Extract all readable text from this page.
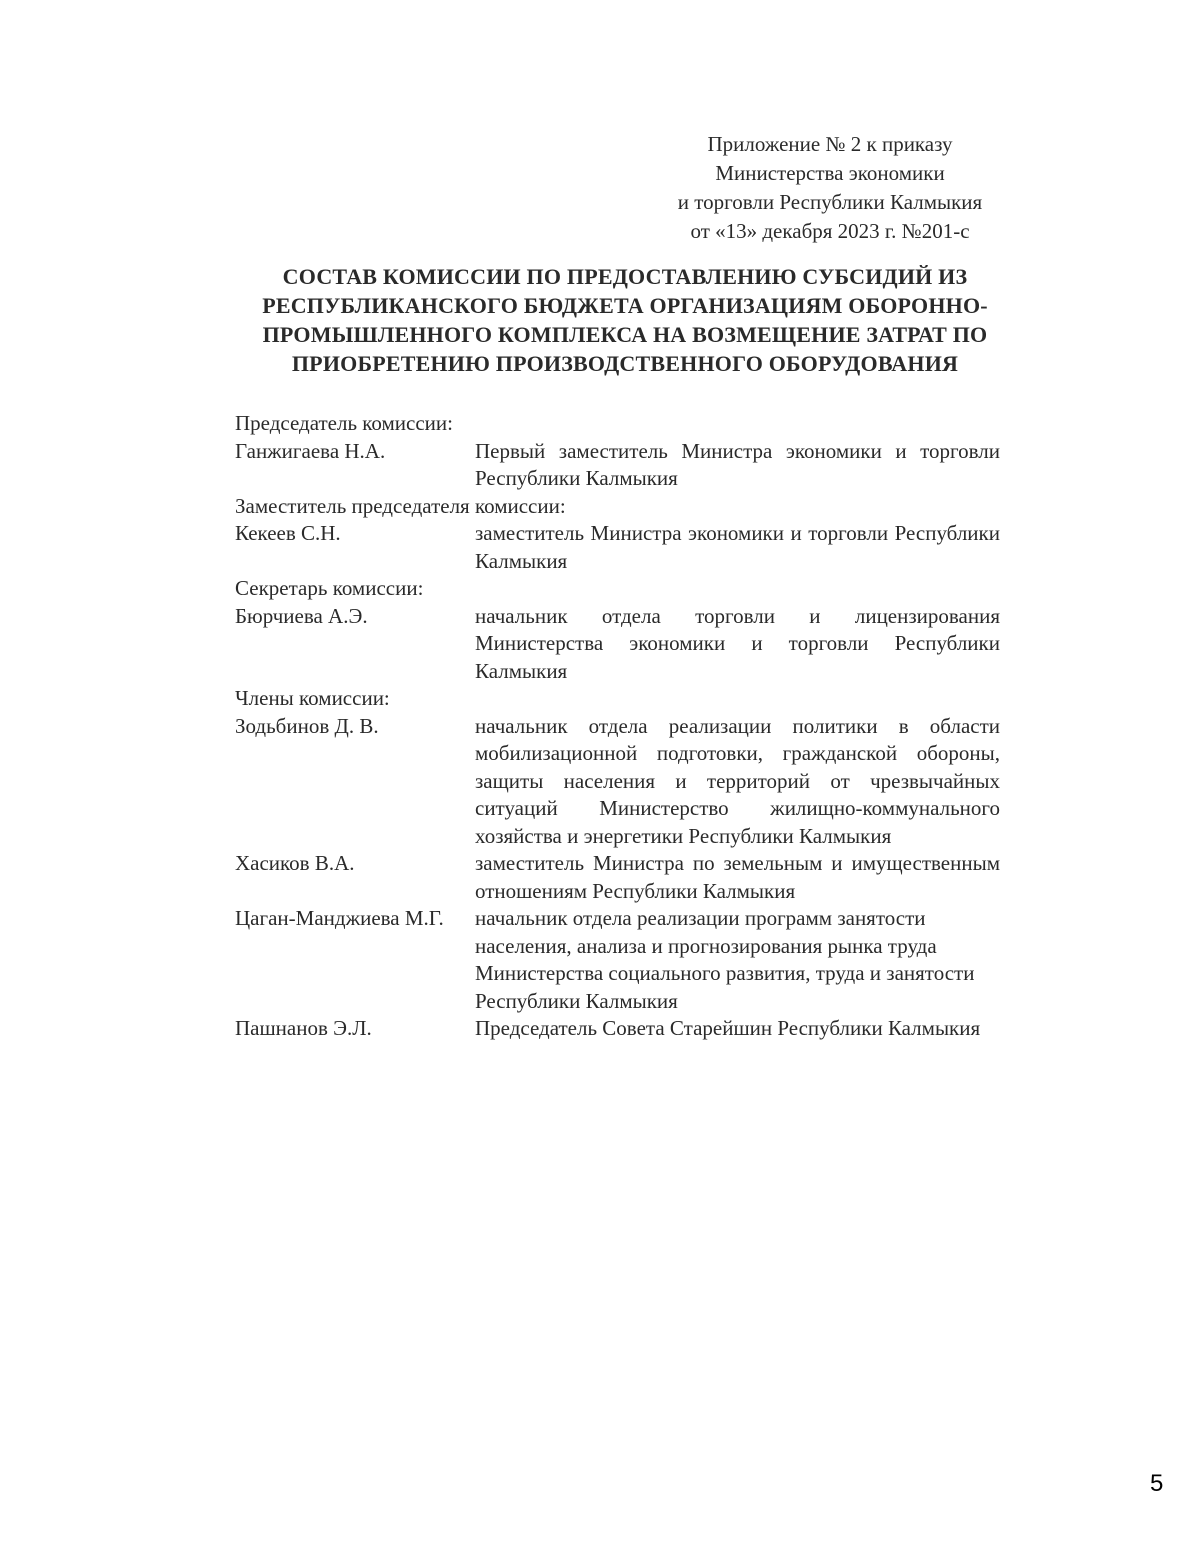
Приложение № 2 к приказу
Министерства экономики
и торговли Республики Калмыкия
от «13» декабря 2023 г. №201-с
СОСТАВ КОМИССИИ ПО ПРЕДОСТАВЛЕНИЮ СУБСИДИЙ ИЗ
РЕСПУБЛИКАНСКОГО БЮДЖЕТА ОРГАНИЗАЦИЯМ ОБОРОННО-
ПРОМЫШЛЕННОГО КОМПЛЕКСА НА ВОЗМЕЩЕНИЕ ЗАТРАТ ПО
ПРИОБРЕТЕНИЮ ПРОИЗВОДСТВЕННОГО ОБОРУДОВАНИЯ
Председатель комиссии:
Ганжигаева Н.А.	Первый заместитель Министра экономики и торговли Республики Калмыкия
Заместитель председателя комиссии:
Кекеев С.Н.	заместитель Министра экономики и торговли Республики Калмыкия
Секретарь комиссии:
Бюрчиева А.Э.	начальник отдела торговли и лицензирования Министерства экономики и торговли Республики Калмыкия
Члены комиссии:
Зодьбинов Д. В.	начальник отдела реализации политики в области мобилизационной подготовки, гражданской обороны, защиты населения и территорий от чрезвычайных ситуаций Министерство жилищно-коммунального хозяйства и энергетики Республики Калмыкия
Хасиков В.А.	заместитель Министра по земельным и имущественным отношениям Республики Калмыкия
Цаган-Манджиева М.Г.	начальник отдела реализации программ занятости населения, анализа и прогнозирования рынка труда Министерства социального развития, труда и занятости Республики Калмыкия
Пашнанов Э.Л.	Председатель Совета Старейшин Республики Калмыкия
5
